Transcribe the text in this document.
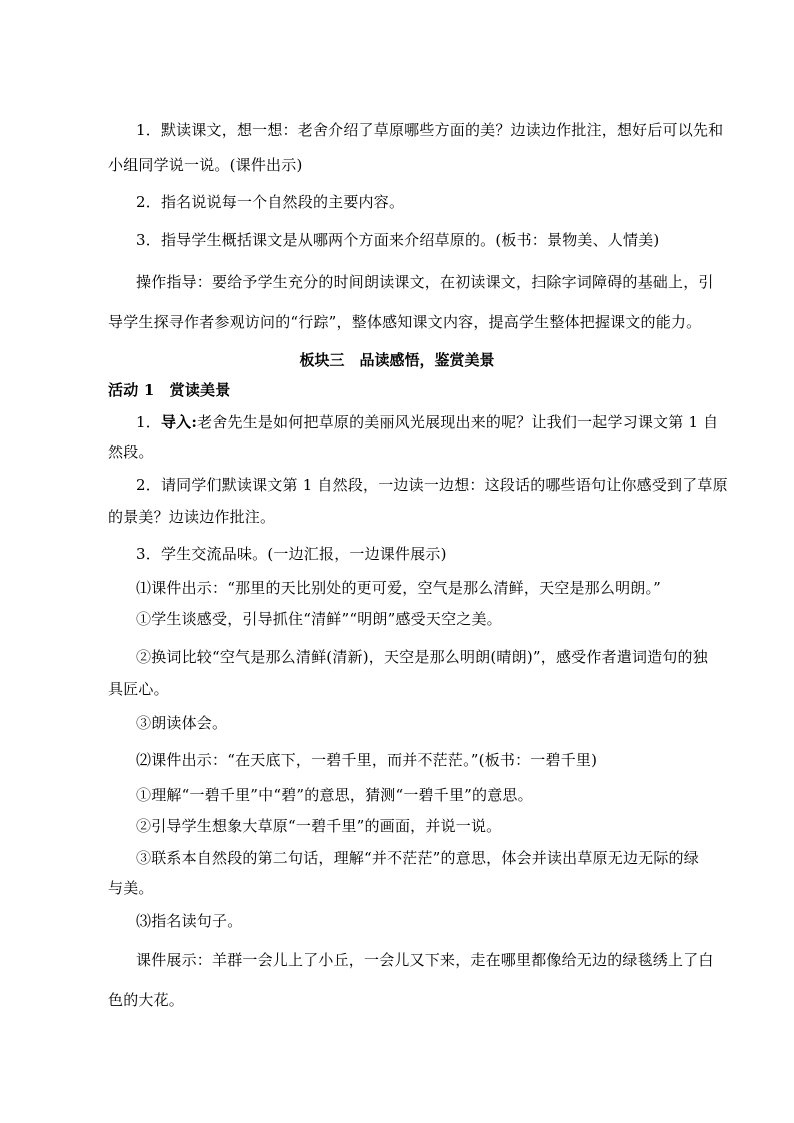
1．默读课文，想一想：老舍介绍了草原哪些方面的美？边读边作批注，想好后可以先和
小组同学说一说。(课件出示)
2．指名说说每一个自然段的主要内容。
3．指导学生概括课文是从哪两个方面来介绍草原的。(板书：景物美、人情美)
操作指导：要给予学生充分的时间朗读课文，在初读课文，扫除字词障碍的基础上，引
导学生探寻作者参观访问的“行踪”，整体感知课文内容，提高学生整体把握课文的能力。
板块三　品读感悟，鉴赏美景
活动 1　赏读美景
1．导入:老舍先生是如何把草原的美丽风光展现出来的呢？让我们一起学习课文第 1 自
然段。
2．请同学们默读课文第 1 自然段，一边读一边想：这段话的哪些语句让你感受到了草原
的景美？边读边作批注。
3．学生交流品味。(一边汇报，一边课件展示)
⑴课件出示：“那里的天比别处的更可爱，空气是那么清鲜，天空是那么明朗。”
①学生谈感受，引导抓住“清鲜”“明朗”感受天空之美。
②换词比较“空气是那么清鲜(清新)，天空是那么明朗(晴朗)”，感受作者遣词造句的独
具匠心。
③朗读体会。
⑵课件出示：“在天底下，一碧千里，而并不茫茫。”(板书：一碧千里)
①理解“一碧千里”中“碧”的意思，猜测“一碧千里”的意思。
②引导学生想象大草原“一碧千里”的画面，并说一说。
③联系本自然段的第二句话，理解“并不茫茫”的意思，体会并读出草原无边无际的绿
与美。
⑶指名读句子。
课件展示：羊群一会儿上了小丘，一会儿又下来，走在哪里都像给无边的绿毯绣上了白
色的大花。
